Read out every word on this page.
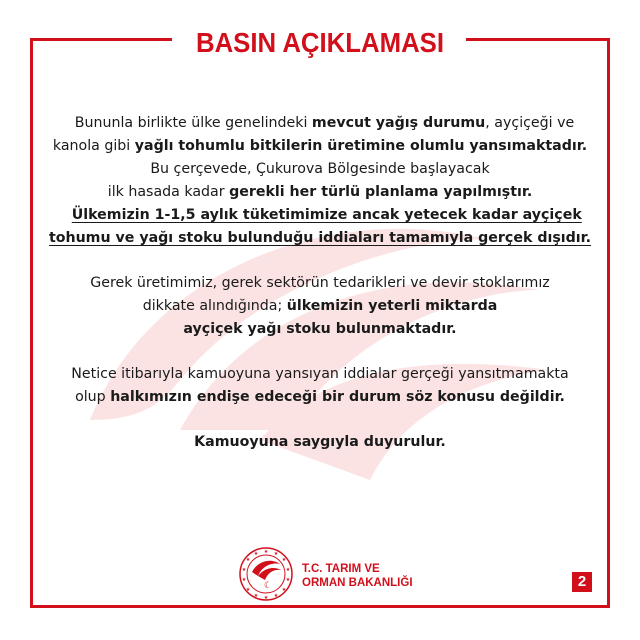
BASIN AÇIKLAMASI

Bununla birlikte ülke genelindeki mevcut yağış durumu, ayçiçeği ve

kanola gibi yağlı tohumlu bitkilerin üretimine olumlu yansımaktadır.

Bu çerçevede, Çukurova Bölgesinde başlayacak

ilk hasada kadar gerekli her türlü planlama yapılmıştır.

Ülkemizin 1-1,5 aylık tüketimimize ancak yetecek kadar ayçiçek

tohumu ve yağı stoku bulunduğu iddiaları tamamıyla gerçek dışıdır.

Gerek üretimimiz, gerek sektörün tedarikleri ve devir stoklarımız

dikkate alındığında; ülkemizin yeterli miktarda

ayçiçek yağı stoku bulunmaktadır.

Netice itibarıyla kamuoyuna yansıyan iddialar gerçeği yansıtmamakta

olup halkımızın endişe edeceği bir durum söz konusu değildir.

Kamuoyuna saygıyla duyurulur.

★ ★
★
★
★
★
★
★
★
★
★
★
★
★
☾
T.C. TARIM VE
ORMAN BAKANLIĞI	2
